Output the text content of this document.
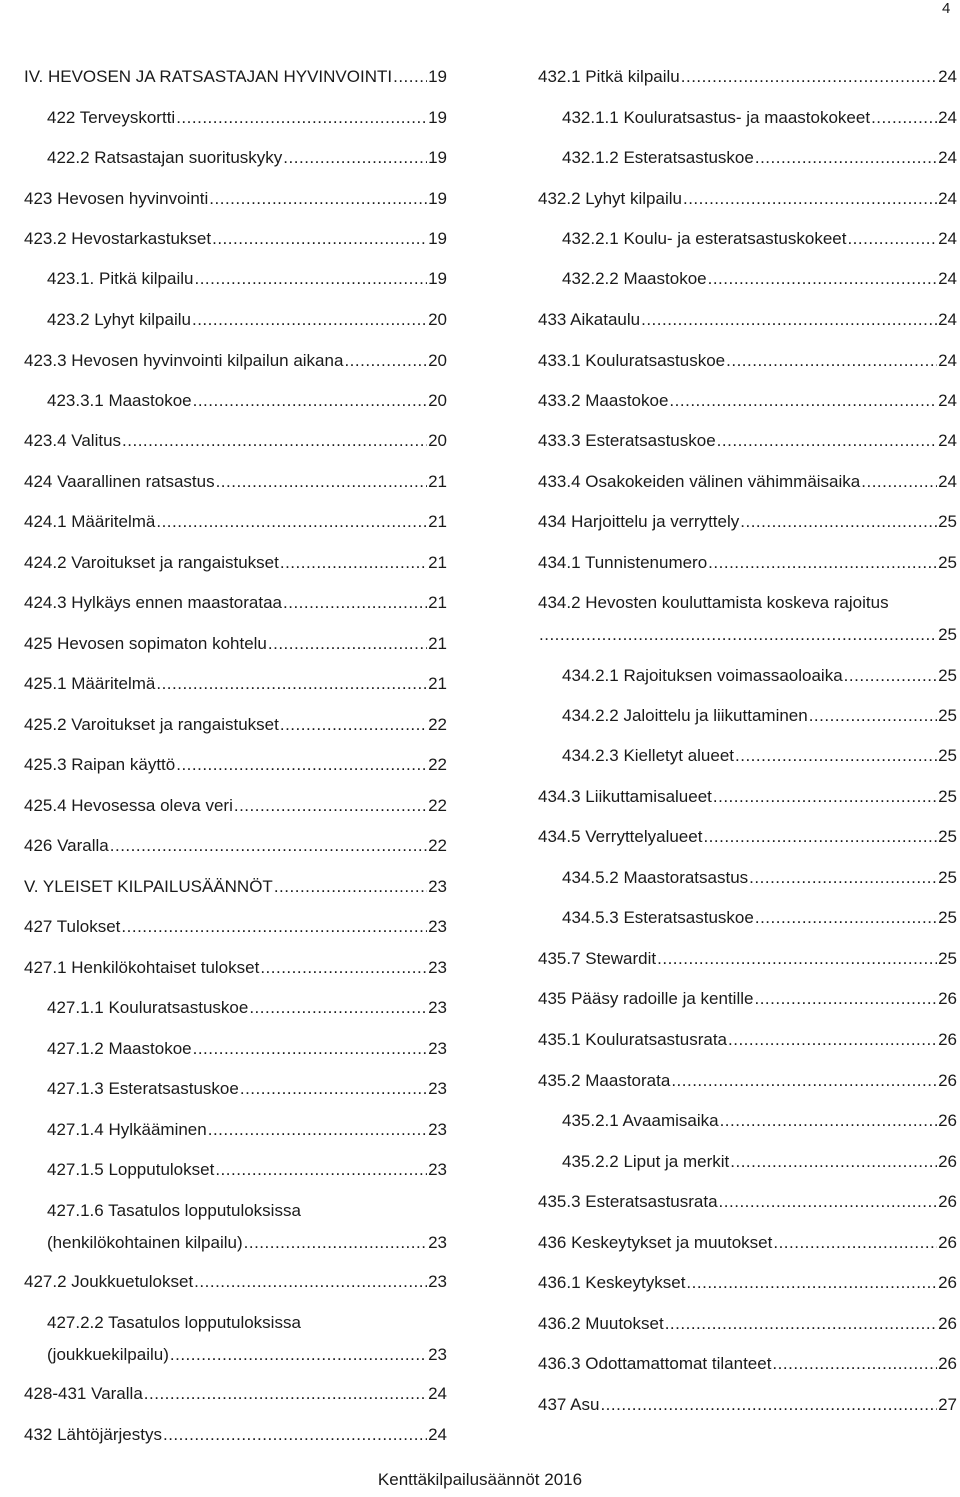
4
IV. HEVOSEN JA RATSASTAJAN HYVINVOINTI ..... 19
422 Terveyskortti .....	19
422.2 Ratsastajan suorituskyky .....	19
423 Hevosen hyvinvointi .....	19
423.2 Hevostarkastukset .....	19
423.1. Pitkä kilpailu .....	19
423.2 Lyhyt kilpailu .....	20
423.3 Hevosen hyvinvointi kilpailun aikana .....	20
423.3.1 Maastokoe .....	20
423.4 Valitus .....	20
424 Vaarallinen ratsastus .....	21
424.1 Määritelmä .....	21
424.2 Varoitukset ja rangaistukset .....	21
424.3 Hylkäys ennen maastorataa .....	21
425 Hevosen sopimaton kohtelu .....	21
425.1 Määritelmä .....	21
425.2 Varoitukset ja rangaistukset .....	22
425.3 Raipan käyttö .....	22
425.4 Hevosessa oleva veri .....	22
426 Varalla .....	22
V. YLEISET KILPAILUSÄÄNNÖT .....	23
427 Tulokset .....	23
427.1 Henkilökohtaiset tulokset .....	23
427.1.1 Kouluratsastuskoe .....	23
427.1.2 Maastokoe .....	23
427.1.3 Esteratsastuskoe .....	23
427.1.4 Hylkääminen .....	23
427.1.5 Lopputulokset .....	23
427.1.6 Tasatulos lopputuloksissa
(henkilökohtainen kilpailu) .....	23
427.2 Joukkuetulokset .....	23
427.2.2 Tasatulos lopputuloksissa
(joukkuekilpailu) .....	23
428-431 Varalla .....	24
432 Lähtöjärjestys .....	24
432.1 Pitkä kilpailu .....	24
432.1.1 Kouluratsastus- ja maastokokeet .....	24
432.1.2 Esteratsastuskoe .....	24
432.2 Lyhyt kilpailu .....	24
432.2.1 Koulu- ja esteratsastuskokeet .....	24
432.2.2 Maastokoe .....	24
433 Aikataulu .....	24
433.1 Kouluratsastuskoe .....	24
433.2 Maastokoe .....	24
433.3 Esteratsastuskoe .....	24
433.4 Osakokeiden välinen vähimmäisaika .....	24
434 Harjoittelu ja verryttely .....	25
434.1 Tunnistenumero .....	25
434.2 Hevosten kouluttamista koskeva rajoitus
.....
25
434.2.1 Rajoituksen voimassaoloaika .....	25
434.2.2 Jaloittelu ja liikuttaminen .....	25
434.2.3 Kielletyt alueet .....	25
434.3 Liikuttamisalueet .....	25
434.5 Verryttelyalueet .....	25
434.5.2 Maastoratsastus .....	25
434.5.3 Esteratsastuskoe .....	25
435.7 Stewardit .....	25
435 Pääsy radoille ja kentille .....	26
435.1 Kouluratsastusrata .....	26
435.2 Maastorata .....	26
435.2.1 Avaamisaika .....	26
435.2.2 Liput ja merkit .....	26
435.3 Esteratsastusrata .....	26
436 Keskeytykset ja muutokset .....	26
436.1 Keskeytykset .....	26
436.2 Muutokset .....	26
436.3 Odottamattomat tilanteet .....	26
437 Asu .....	27
Kenttäkilpailusäännöt 2016
